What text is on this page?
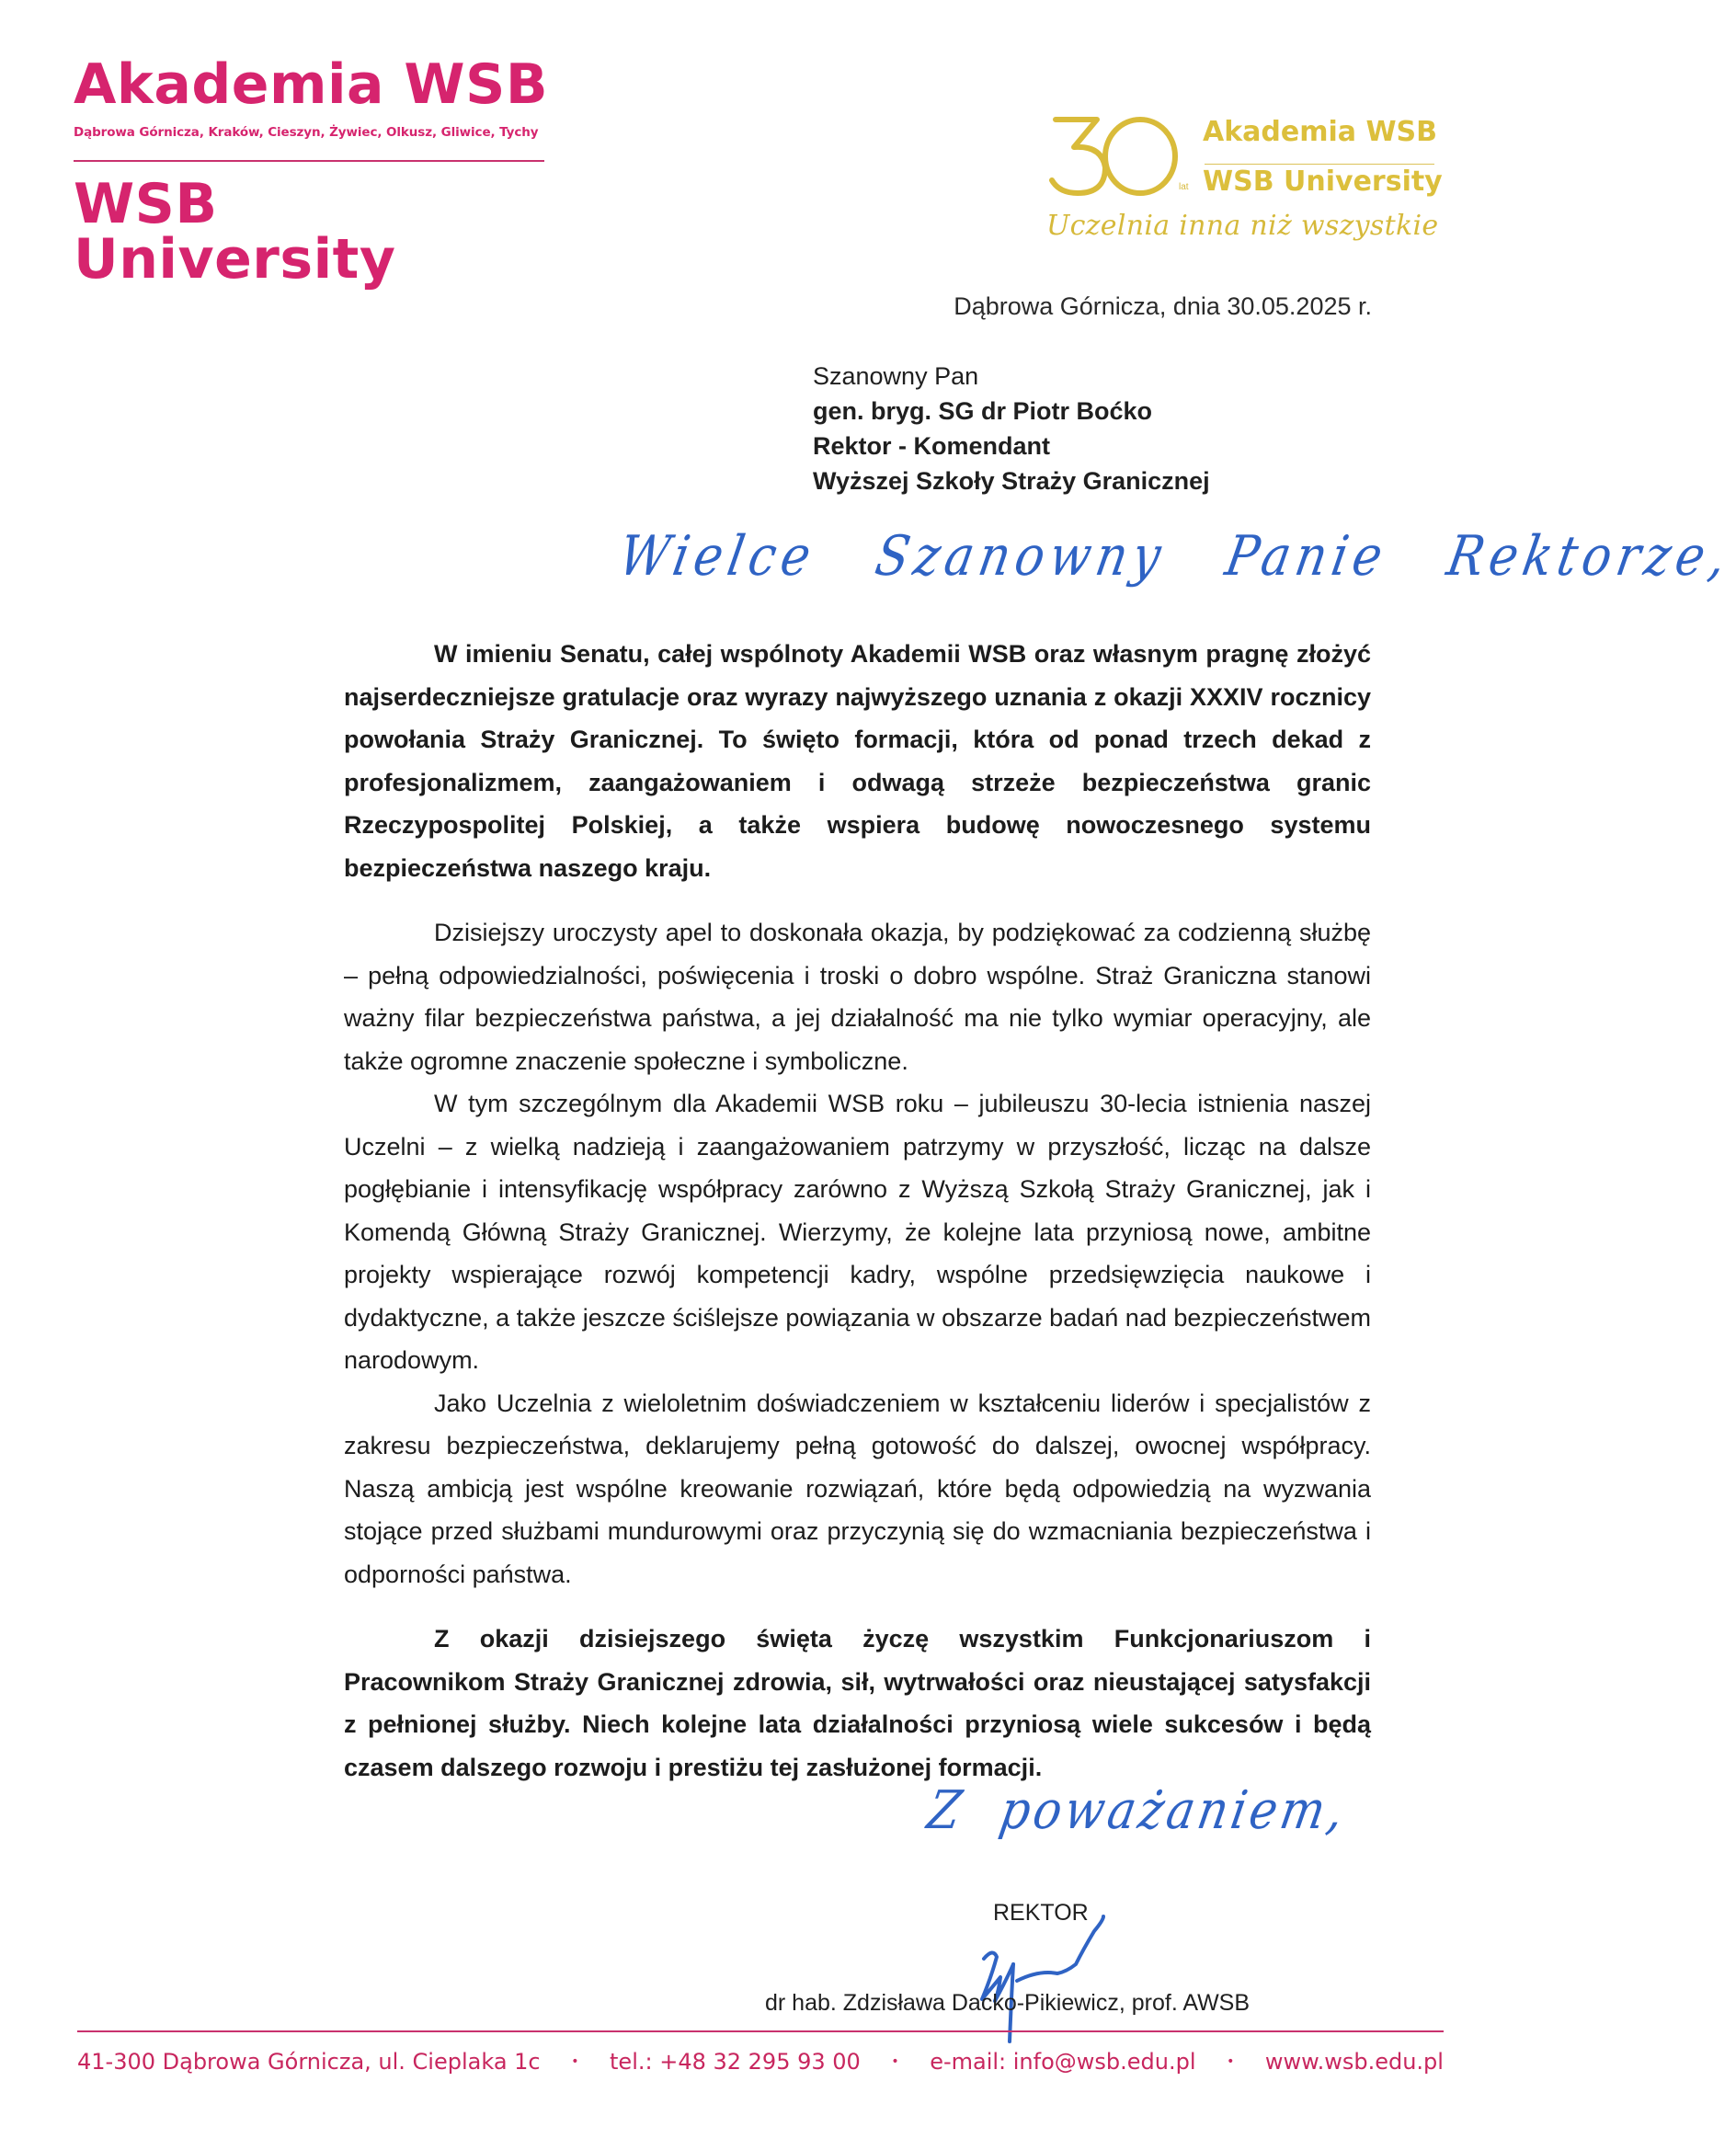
Akademia WSB
Dąbrowa Górnicza, Kraków, Cieszyn, Żywiec, Olkusz, Gliwice, Tychy
WSB University
lat
Akademia WSB
WSB University
Uczelnia inna niż wszystkie
Dąbrowa Górnicza, dnia 30.05.2025 r.
Szanowny Pan
gen. bryg. SG dr Piotr Boćko
Rektor - Komendant
Wyższej Szkoły Straży Granicznej
Wielce Szanowny Panie Rektorze,

W imieniu Senatu, całej wspólnoty Akademii WSB oraz własnym pragnę złożyć najserdeczniejsze gratulacje oraz wyrazy najwyższego uznania z okazji XXXIV rocznicy powołania Straży Granicznej. To święto formacji, która od ponad trzech dekad z profesjonalizmem, zaangażowaniem i odwagą strzeże bezpieczeństwa granic Rzeczypospolitej Polskiej, a także wspiera budowę nowoczesnego systemu bezpieczeństwa naszego kraju.

Dzisiejszy uroczysty apel to doskonała okazja, by podziękować za codzienną służbę – pełną odpowiedzialności, poświęcenia i troski o dobro wspólne. Straż Graniczna stanowi ważny filar bezpieczeństwa państwa, a jej działalność ma nie tylko wymiar operacyjny, ale także ogromne znaczenie społeczne i symboliczne.

W tym szczególnym dla Akademii WSB roku – jubileuszu 30-lecia istnienia naszej Uczelni – z wielką nadzieją i zaangażowaniem patrzymy w przyszłość, licząc na dalsze pogłębianie i intensyfikację współpracy zarówno z Wyższą Szkołą Straży Granicznej, jak i Komendą Główną Straży Granicznej. Wierzymy, że kolejne lata przyniosą nowe, ambitne projekty wspierające rozwój kompetencji kadry, wspólne przedsięwzięcia naukowe i dydaktyczne, a także jeszcze ściślejsze powiązania w obszarze badań nad bezpieczeństwem narodowym.

Jako Uczelnia z wieloletnim doświadczeniem w kształceniu liderów i specjalistów z zakresu bezpieczeństwa, deklarujemy pełną gotowość do dalszej, owocnej współpracy. Naszą ambicją jest wspólne kreowanie rozwiązań, które będą odpowiedzią na wyzwania stojące przed służbami mundurowymi oraz przyczynią się do wzmacniania bezpieczeństwa i odporności państwa.

Z okazji dzisiejszego święta życzę wszystkim Funkcjonariuszom i Pracownikom Straży Granicznej zdrowia, sił, wytrwałości oraz nieustającej satysfakcji z pełnionej służby. Niech kolejne lata działalności przyniosą wiele sukcesów i będą czasem dalszego rozwoju i prestiżu tej zasłużonej formacji.

Z poważaniem,
REKTOR
dr hab. Zdzisława Dacko-Pikiewicz, prof. AWSB
41-300 Dąbrowa Górnicza, ul. Cieplaka 1c • tel.: +48 32 295 93 00 • e-mail: info@wsb.edu.pl • www.wsb.edu.pl
